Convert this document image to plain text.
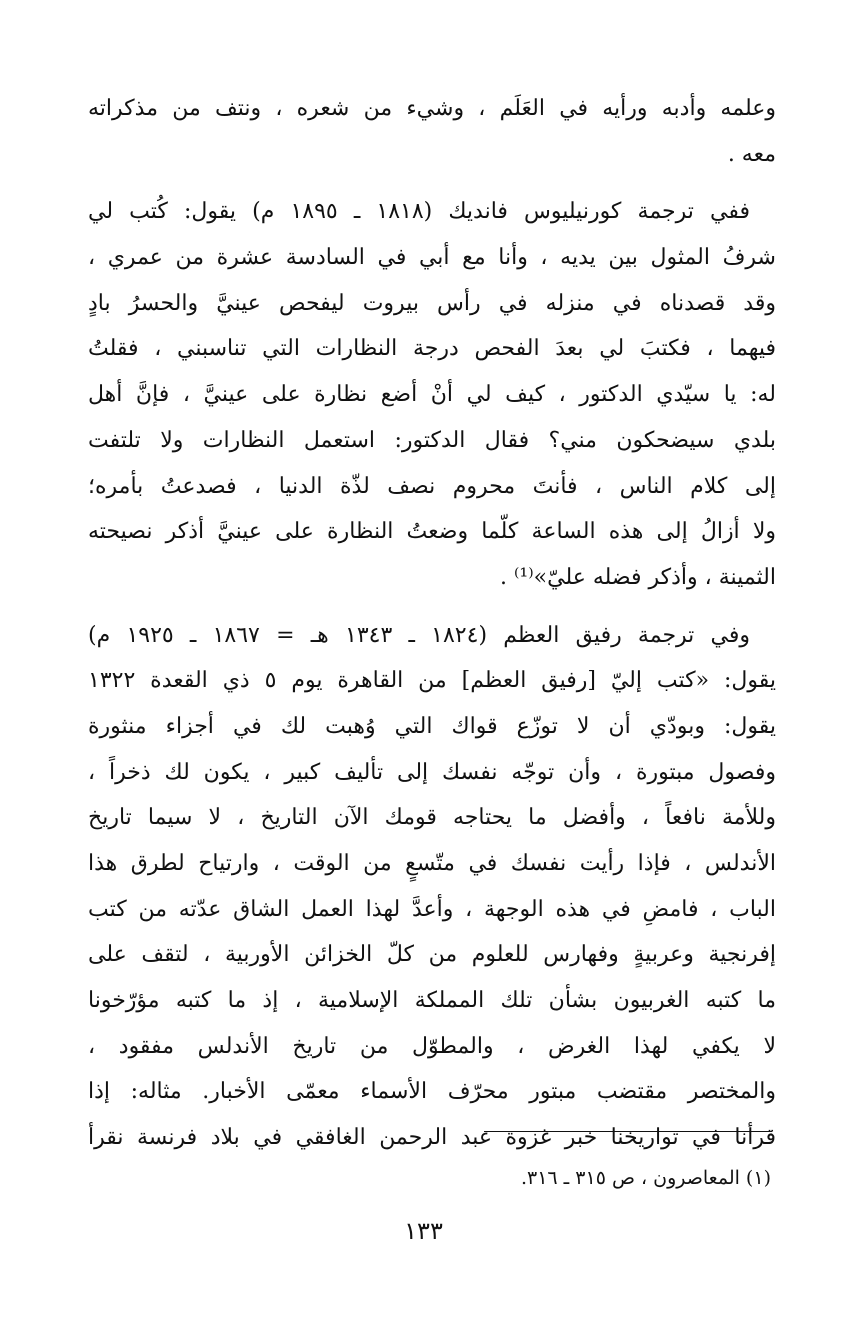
وعلمه وأدبه ورأيه في العَلَم ، وشيء من شعره ، ونتف من مذكراته
معه .
ففي ترجمة كورنيليوس فانديك (١٨١٨ ـ ١٨٩٥ م) يقول: كُتب لي
شرفُ المثول بين يديه ، وأنا مع أبي في السادسة عشرة من عمري ،
وقد قصدناه في منزله في رأس بيروت ليفحص عينيَّ والحسرُ بادٍ
فيهما ، فكتبَ لي بعدَ الفحص درجة النظارات التي تناسبني ، فقلتُ
له: يا سيّدي الدكتور ، كيف لي أنْ أضع نظارة على عينيَّ ، فإنَّ أهل
بلدي سيضحكون مني؟ فقال الدكتور: استعمل النظارات ولا تلتفت
إلى كلام الناس ، فأنتَ محروم نصف لذّة الدنيا ، فصدعتُ بأمره؛
ولا أزالُ إلى هذه الساعة كلّما وضعتُ النظارة على عينيَّ أذكر نصيحته
الثمينة ، وأذكر فضله عليّ»⁽¹⁾ .
وفي ترجمة رفيق العظم (١٨٢٤ ـ ١٣٤٣ هـ = ١٨٦٧ ـ ١٩٢٥ م)
يقول: «كتب إليّ [رفيق العظم] من القاهرة يوم ٥ ذي القعدة ١٣٢٢
يقول: وبودّي أن لا توزّع قواك التي وُهبت لك في أجزاء منثورة
وفصول مبتورة ، وأن توجّه نفسك إلى تأليف كبير ، يكون لك ذخراً ،
وللأمة نافعاً ، وأفضل ما يحتاجه قومك الآن التاريخ ، لا سيما تاريخ
الأندلس ، فإذا رأيت نفسك في متّسعٍ من الوقت ، وارتياح لطرق هذا
الباب ، فامضِ في هذه الوجهة ، وأعدَّ لهذا العمل الشاق عدّته من كتب
إفرنجية وعربيةٍ وفهارس للعلوم من كلّ الخزائن الأوربية ، لتقف على
ما كتبه الغربيون بشأن تلك المملكة الإسلامية ، إذ ما كتبه مؤرّخونا
لا يكفي لهذا الغرض ، والمطوّل من تاريخ الأندلس مفقود ،
والمختصر مقتضب مبتور محرّف الأسماء معمّى الأخبار. مثاله: إذا
قرأنا في تواريخنا خبر غزوة عبد الرحمن الغافقي في بلاد فرنسة نقرأ
(١) المعاصرون ، ص ٣١٥ ـ ٣١٦.
١٣٣
